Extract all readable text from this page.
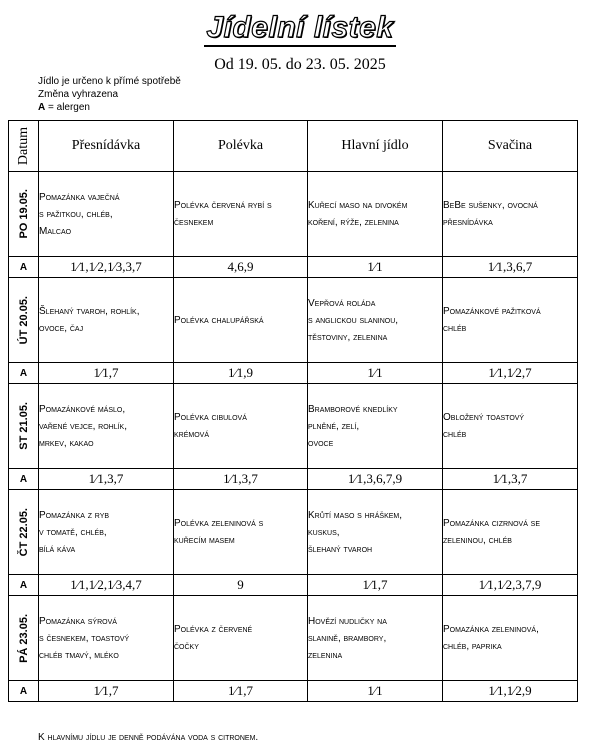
Jídelní lístek
Od 19. 05. do 23. 05. 2025
Jídlo je určeno k přímé spotřebě
Změna vyhrazena
A = alergen
Datum	Přesnídávka	Polévka	Hlavní jídlo	Svačina

PO 19.05.	Pomazánka vaječná
s pažitkou, chléb,
Malcao	Polévka červená rybí s
česnekem	Kuřecí maso na divokém
koření, rýže, zelenina	BeBe sušenky, ovocná
přesnídávka
A	1⁄1,1⁄2,1⁄3,3,7	4,6,9	1⁄1	1⁄1,3,6,7

ÚT 20.05.	Šlehaný tvaroh, rohlík,
ovoce, čaj	Polévka chalupářská	Vepřová roláda
s anglickou slaninou,
těstoviny, zelenina	Pomazánkové pažitková
chléb
A	1⁄1,7	1⁄1,9	1⁄1	1⁄1,1⁄2,7

ST 21.05.	Pomazánkové máslo,
vařené vejce, rohlík,
mrkev, kakao	Polévka cibulová
krémová	Bramborové knedlíky
plněné, zelí,
ovoce	Obložený toastový
chléb
A	1⁄1,3,7	1⁄1,3,7	1⁄1,3,6,7,9	1⁄1,3,7

ČT 22.05.	Pomazánka z ryb
v tomatě, chléb,
bílá káva	Polévka zeleninová s
kuřecím masem	Krůtí maso s hráškem,
kuskus,
šlehaný tvaroh	Pomazánka cizrnová se
zeleninou, chléb
A	1⁄1,1⁄2,1⁄3,4,7	9	1⁄1,7	1⁄1,1⁄2,3,7,9

PÁ 23.05.	Pomazánka sýrová
s česnekem, toastový
chléb tmavý, mléko	Polévka z červené
čočky	Hovězí nudličky na
slanině, brambory,
zelenina	Pomazánka zeleninová,
chléb, paprika
A	1⁄1,7	1⁄1,7	1⁄1	1⁄1,1⁄2,9
K hlavnímu jídlu je denně podávána voda s citronem.
